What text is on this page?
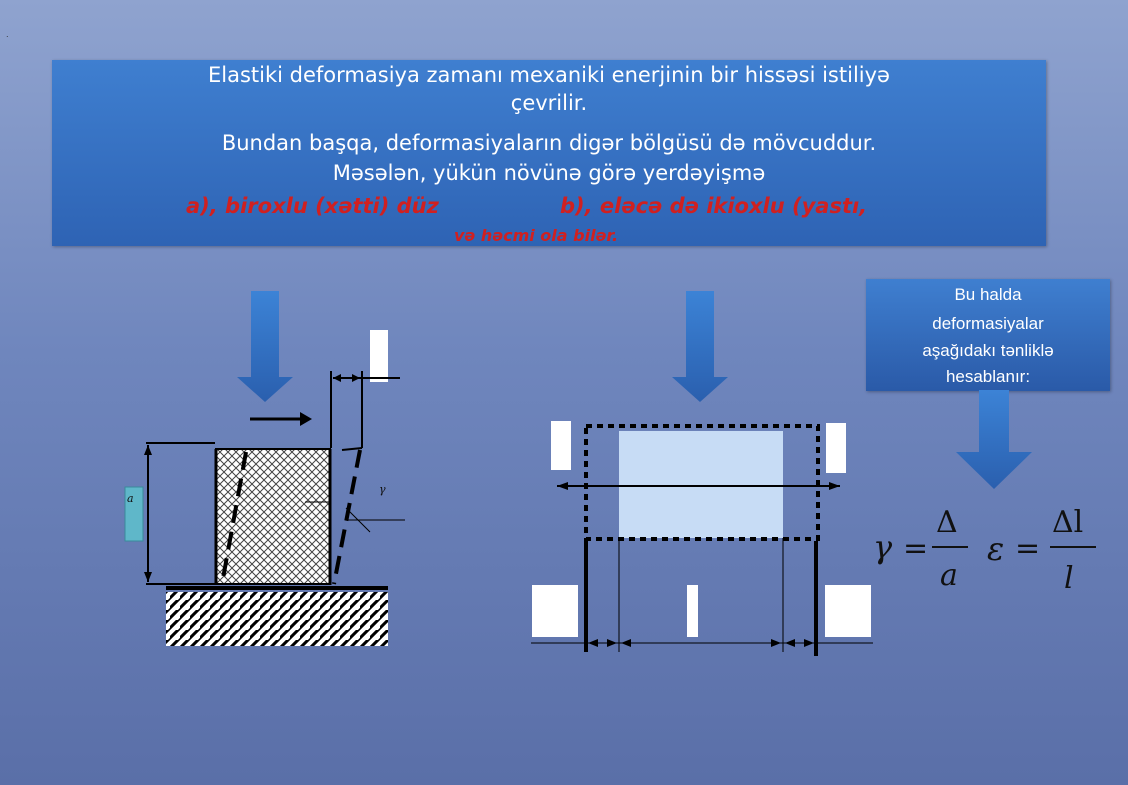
.
Elastiki deformasiya zamanı mexaniki enerjinin bir hissəsi istiliyə
çevrilir.
Bundan başqa, deformasiyaların digər bölgüsü də mövcuddur.
Məsələn, yükün növünə görə yerdəyişmə
a), biroxlu (xətti) düz	b), eləcə də ikioxlu (yastı,
və həcmi ola bilər.
Bu halda
deformasiyalar
aşağıdakı tənliklə
hesablanır:
a
γ
γ =
Δ
a
ε =
Δl
l
